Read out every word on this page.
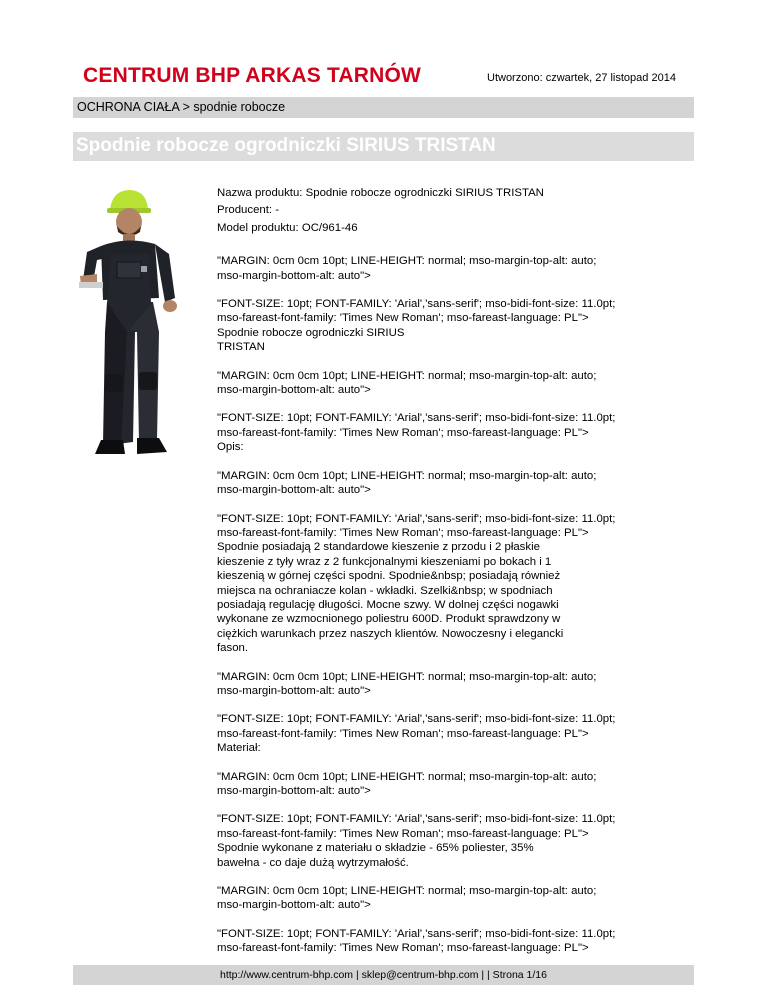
CENTRUM BHP ARKAS TARNÓW	Utworzono: czwartek, 27 listopad 2014
OCHRONA CIAŁA > spodnie robocze
Spodnie robocze ogrodniczki SIRIUS TRISTAN
Nazwa produktu: Spodnie robocze ogrodniczki SIRIUS TRISTAN
Producent: -
Model produktu: OC/961-46
"MARGIN: 0cm 0cm 10pt; LINE-HEIGHT: normal; mso-margin-top-alt: auto;
mso-margin-bottom-alt: auto">
"FONT-SIZE: 10pt; FONT-FAMILY: 'Arial','sans-serif'; mso-bidi-font-size: 11.0pt;
mso-fareast-font-family: 'Times New Roman'; mso-fareast-language: PL">
Spodnie robocze ogrodniczki SIRIUS
TRISTAN
"MARGIN: 0cm 0cm 10pt; LINE-HEIGHT: normal; mso-margin-top-alt: auto;
mso-margin-bottom-alt: auto">
"FONT-SIZE: 10pt; FONT-FAMILY: 'Arial','sans-serif'; mso-bidi-font-size: 11.0pt;
mso-fareast-font-family: 'Times New Roman'; mso-fareast-language: PL">
Opis:
"MARGIN: 0cm 0cm 10pt; LINE-HEIGHT: normal; mso-margin-top-alt: auto;
mso-margin-bottom-alt: auto">
"FONT-SIZE: 10pt; FONT-FAMILY: 'Arial','sans-serif'; mso-bidi-font-size: 11.0pt;
mso-fareast-font-family: 'Times New Roman'; mso-fareast-language: PL">
Spodnie posiadają 2 standardowe kieszenie z przodu i 2 płaskie
kieszenie z tyły wraz z 2 funkcjonalnymi kieszeniami po bokach i 1
kieszenią w górnej części spodni. Spodnie&nbsp; posiadają również
miejsca na ochraniacze kolan - wkładki. Szelki&nbsp; w spodniach
posiadają regulację długości. Mocne szwy. W dolnej części nogawki
wykonane ze wzmocnionego poliestru 600D. Produkt sprawdzony w
ciężkich warunkach przez naszych klientów. Nowoczesny i elegancki
fason.
"MARGIN: 0cm 0cm 10pt; LINE-HEIGHT: normal; mso-margin-top-alt: auto;
mso-margin-bottom-alt: auto">
"FONT-SIZE: 10pt; FONT-FAMILY: 'Arial','sans-serif'; mso-bidi-font-size: 11.0pt;
mso-fareast-font-family: 'Times New Roman'; mso-fareast-language: PL">
Materiał:
"MARGIN: 0cm 0cm 10pt; LINE-HEIGHT: normal; mso-margin-top-alt: auto;
mso-margin-bottom-alt: auto">
"FONT-SIZE: 10pt; FONT-FAMILY: 'Arial','sans-serif'; mso-bidi-font-size: 11.0pt;
mso-fareast-font-family: 'Times New Roman'; mso-fareast-language: PL">
Spodnie wykonane z materiału o składzie - 65% poliester, 35%
bawełna - co daje dużą wytrzymałość.
"MARGIN: 0cm 0cm 10pt; LINE-HEIGHT: normal; mso-margin-top-alt: auto;
mso-margin-bottom-alt: auto">
"FONT-SIZE: 10pt; FONT-FAMILY: 'Arial','sans-serif'; mso-bidi-font-size: 11.0pt;
mso-fareast-font-family: 'Times New Roman'; mso-fareast-language: PL">
http://www.centrum-bhp.com | sklep@centrum-bhp.com | | Strona 1/16
